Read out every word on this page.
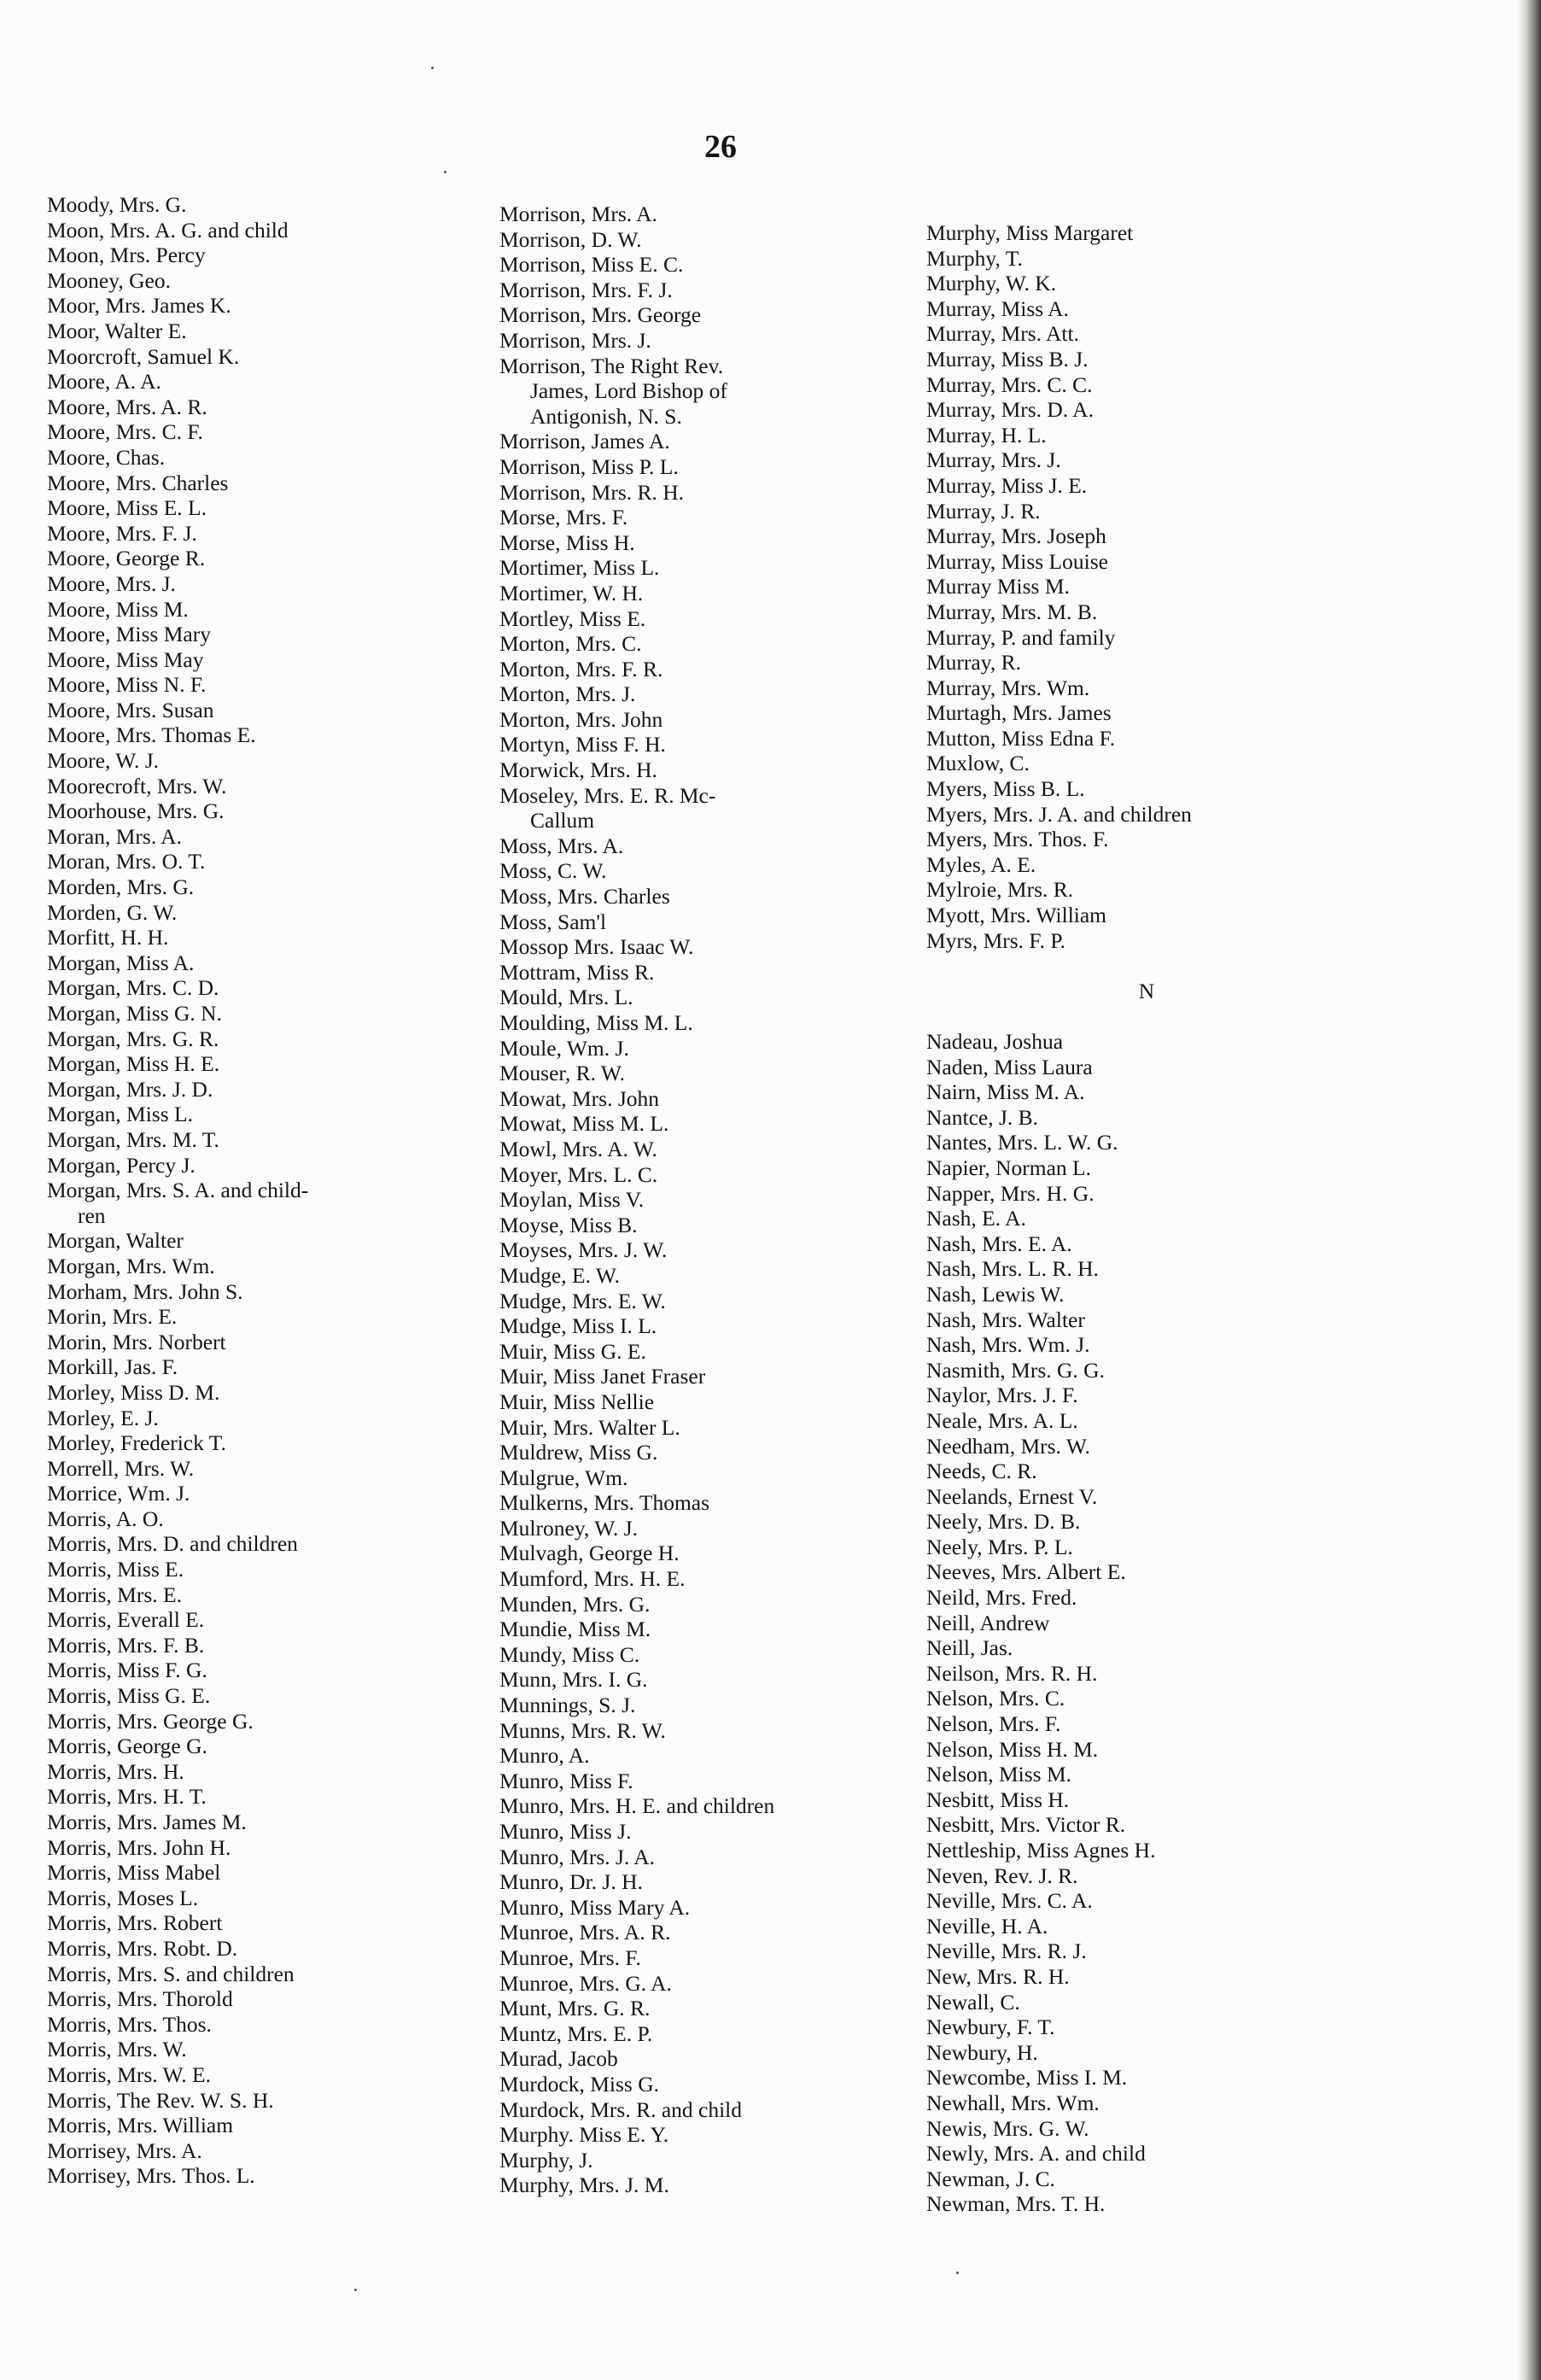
26
Moody, Mrs. G.
Moon, Mrs. A. G. and child
Moon, Mrs. Percy
Mooney, Geo.
Moor, Mrs. James K.
Moor, Walter E.
Moorcroft, Samuel K.
Moore, A. A.
Moore, Mrs. A. R.
Moore, Mrs. C. F.
Moore, Chas.
Moore, Mrs. Charles
Moore, Miss E. L.
Moore, Mrs. F. J.
Moore, George R.
Moore, Mrs. J.
Moore, Miss M.
Moore, Miss Mary
Moore, Miss May
Moore, Miss N. F.
Moore, Mrs. Susan
Moore, Mrs. Thomas E.
Moore, W. J.
Moorecroft, Mrs. W.
Moorhouse, Mrs. G.
Moran, Mrs. A.
Moran, Mrs. O. T.
Morden, Mrs. G.
Morden, G. W.
Morfitt, H. H.
Morgan, Miss A.
Morgan, Mrs. C. D.
Morgan, Miss G. N.
Morgan, Mrs. G. R.
Morgan, Miss H. E.
Morgan, Mrs. J. D.
Morgan, Miss L.
Morgan, Mrs. M. T.
Morgan, Percy J.
Morgan, Mrs. S. A. and child-
ren
Morgan, Walter
Morgan, Mrs. Wm.
Morham, Mrs. John S.
Morin, Mrs. E.
Morin, Mrs. Norbert
Morkill, Jas. F.
Morley, Miss D. M.
Morley, E. J.
Morley, Frederick T.
Morrell, Mrs. W.
Morrice, Wm. J.
Morris, A. O.
Morris, Mrs. D. and children
Morris, Miss E.
Morris, Mrs. E.
Morris, Everall E.
Morris, Mrs. F. B.
Morris, Miss F. G.
Morris, Miss G. E.
Morris, Mrs. George G.
Morris, George G.
Morris, Mrs. H.
Morris, Mrs. H. T.
Morris, Mrs. James M.
Morris, Mrs. John H.
Morris, Miss Mabel
Morris, Moses L.
Morris, Mrs. Robert
Morris, Mrs. Robt. D.
Morris, Mrs. S. and children
Morris, Mrs. Thorold
Morris, Mrs. Thos.
Morris, Mrs. W.
Morris, Mrs. W. E.
Morris, The Rev. W. S. H.
Morris, Mrs. William
Morrisey, Mrs. A.
Morrisey, Mrs. Thos. L.
Morrison, Mrs. A.
Morrison, D. W.
Morrison, Miss E. C.
Morrison, Mrs. F. J.
Morrison, Mrs. George
Morrison, Mrs. J.
Morrison, The Right Rev.
James, Lord Bishop of
Antigonish, N. S.
Morrison, James A.
Morrison, Miss P. L.
Morrison, Mrs. R. H.
Morse, Mrs. F.
Morse, Miss H.
Mortimer, Miss L.
Mortimer, W. H.
Mortley, Miss E.
Morton, Mrs. C.
Morton, Mrs. F. R.
Morton, Mrs. J.
Morton, Mrs. John
Mortyn, Miss F. H.
Morwick, Mrs. H.
Moseley, Mrs. E. R. Mc-
Callum
Moss, Mrs. A.
Moss, C. W.
Moss, Mrs. Charles
Moss, Sam'l
Mossop Mrs. Isaac W.
Mottram, Miss R.
Mould, Mrs. L.
Moulding, Miss M. L.
Moule, Wm. J.
Mouser, R. W.
Mowat, Mrs. John
Mowat, Miss M. L.
Mowl, Mrs. A. W.
Moyer, Mrs. L. C.
Moylan, Miss V.
Moyse, Miss B.
Moyses, Mrs. J. W.
Mudge, E. W.
Mudge, Mrs. E. W.
Mudge, Miss I. L.
Muir, Miss G. E.
Muir, Miss Janet Fraser
Muir, Miss Nellie
Muir, Mrs. Walter L.
Muldrew, Miss G.
Mulgrue, Wm.
Mulkerns, Mrs. Thomas
Mulroney, W. J.
Mulvagh, George H.
Mumford, Mrs. H. E.
Munden, Mrs. G.
Mundie, Miss M.
Mundy, Miss C.
Munn, Mrs. I. G.
Munnings, S. J.
Munns, Mrs. R. W.
Munro, A.
Munro, Miss F.
Munro, Mrs. H. E. and children
Munro, Miss J.
Munro, Mrs. J. A.
Munro, Dr. J. H.
Munro, Miss Mary A.
Munroe, Mrs. A. R.
Munroe, Mrs. F.
Munroe, Mrs. G. A.
Munt, Mrs. G. R.
Muntz, Mrs. E. P.
Murad, Jacob
Murdock, Miss G.
Murdock, Mrs. R. and child
Murphy. Miss E. Y.
Murphy, J.
Murphy, Mrs. J. M.
Murphy, Miss Margaret
Murphy, T.
Murphy, W. K.
Murray, Miss A.
Murray, Mrs. Att.
Murray, Miss B. J.
Murray, Mrs. C. C.
Murray, Mrs. D. A.
Murray, H. L.
Murray, Mrs. J.
Murray, Miss J. E.
Murray, J. R.
Murray, Mrs. Joseph
Murray, Miss Louise
Murray Miss M.
Murray, Mrs. M. B.
Murray, P. and family
Murray, R.
Murray, Mrs. Wm.
Murtagh, Mrs. James
Mutton, Miss Edna F.
Muxlow, C.
Myers, Miss B. L.
Myers, Mrs. J. A. and children
Myers, Mrs. Thos. F.
Myles, A. E.
Mylroie, Mrs. R.
Myott, Mrs. William
Myrs, Mrs. F. P.
N
Nadeau, Joshua
Naden, Miss Laura
Nairn, Miss M. A.
Nantce, J. B.
Nantes, Mrs. L. W. G.
Napier, Norman L.
Napper, Mrs. H. G.
Nash, E. A.
Nash, Mrs. E. A.
Nash, Mrs. L. R. H.
Nash, Lewis W.
Nash, Mrs. Walter
Nash, Mrs. Wm. J.
Nasmith, Mrs. G. G.
Naylor, Mrs. J. F.
Neale, Mrs. A. L.
Needham, Mrs. W.
Needs, C. R.
Neelands, Ernest V.
Neely, Mrs. D. B.
Neely, Mrs. P. L.
Neeves, Mrs. Albert E.
Neild, Mrs. Fred.
Neill, Andrew
Neill, Jas.
Neilson, Mrs. R. H.
Nelson, Mrs. C.
Nelson, Mrs. F.
Nelson, Miss H. M.
Nelson, Miss M.
Nesbitt, Miss H.
Nesbitt, Mrs. Victor R.
Nettleship, Miss Agnes H.
Neven, Rev. J. R.
Neville, Mrs. C. A.
Neville, H. A.
Neville, Mrs. R. J.
New, Mrs. R. H.
Newall, C.
Newbury, F. T.
Newbury, H.
Newcombe, Miss I. M.
Newhall, Mrs. Wm.
Newis, Mrs. G. W.
Newly, Mrs. A. and child
Newman, J. C.
Newman, Mrs. T. H.
